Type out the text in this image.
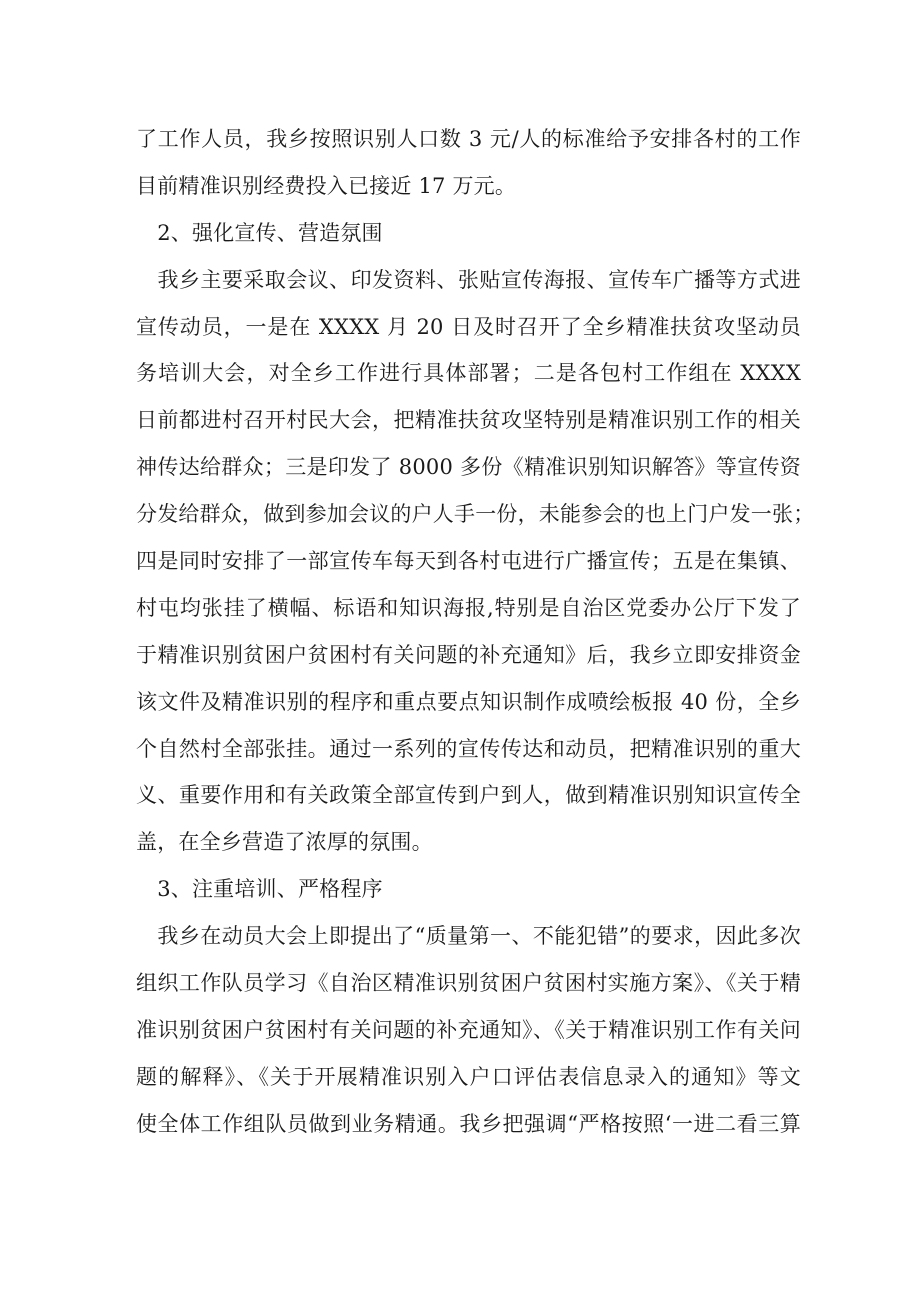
了工作人员，我乡按照识别人口数 3 元/人的标准给予安排各村的工作
目前精准识别经费投入已接近 17 万元。
　2、强化宣传、营造氛围
　我乡主要采取会议、印发资料、张贴宣传海报、宣传车广播等方式进
宣传动员，一是在 XXXX 月 20 日及时召开了全乡精准扶贫攻坚动员
务培训大会，对全乡工作进行具体部署；二是各包村工作组在 XXXX
日前都进村召开村民大会，把精准扶贫攻坚特别是精准识别工作的相关
神传达给群众；三是印发了 8000 多份《精准识别知识解答》等宣传资
分发给群众，做到参加会议的户人手一份，未能参会的也上门户发一张；
四是同时安排了一部宣传车每天到各村屯进行广播宣传；五是在集镇、
村屯均张挂了横幅、标语和知识海报,特别是自治区党委办公厅下发了
于精准识别贫困户贫困村有关问题的补充通知》后，我乡立即安排资金
该文件及精准识别的程序和重点要点知识制作成喷绘板报 40 份，全乡
个自然村全部张挂。通过一系列的宣传传达和动员，把精准识别的重大
义、重要作用和有关政策全部宣传到户到人，做到精准识别知识宣传全
盖，在全乡营造了浓厚的氛围。
　3、注重培训、严格程序
　我乡在动员大会上即提出了“质量第一、不能犯错”的要求，因此多次
组织工作队员学习《自治区精准识别贫困户贫困村实施方案》、《关于精
准识别贫困户贫困村有关问题的补充通知》、《关于精准识别工作有关问
题的解释》、《关于开展精准识别入户口评估表信息录入的通知》等文
使全体工作组队员做到业务精通。我乡把强调“严格按照‘一进二看三算
